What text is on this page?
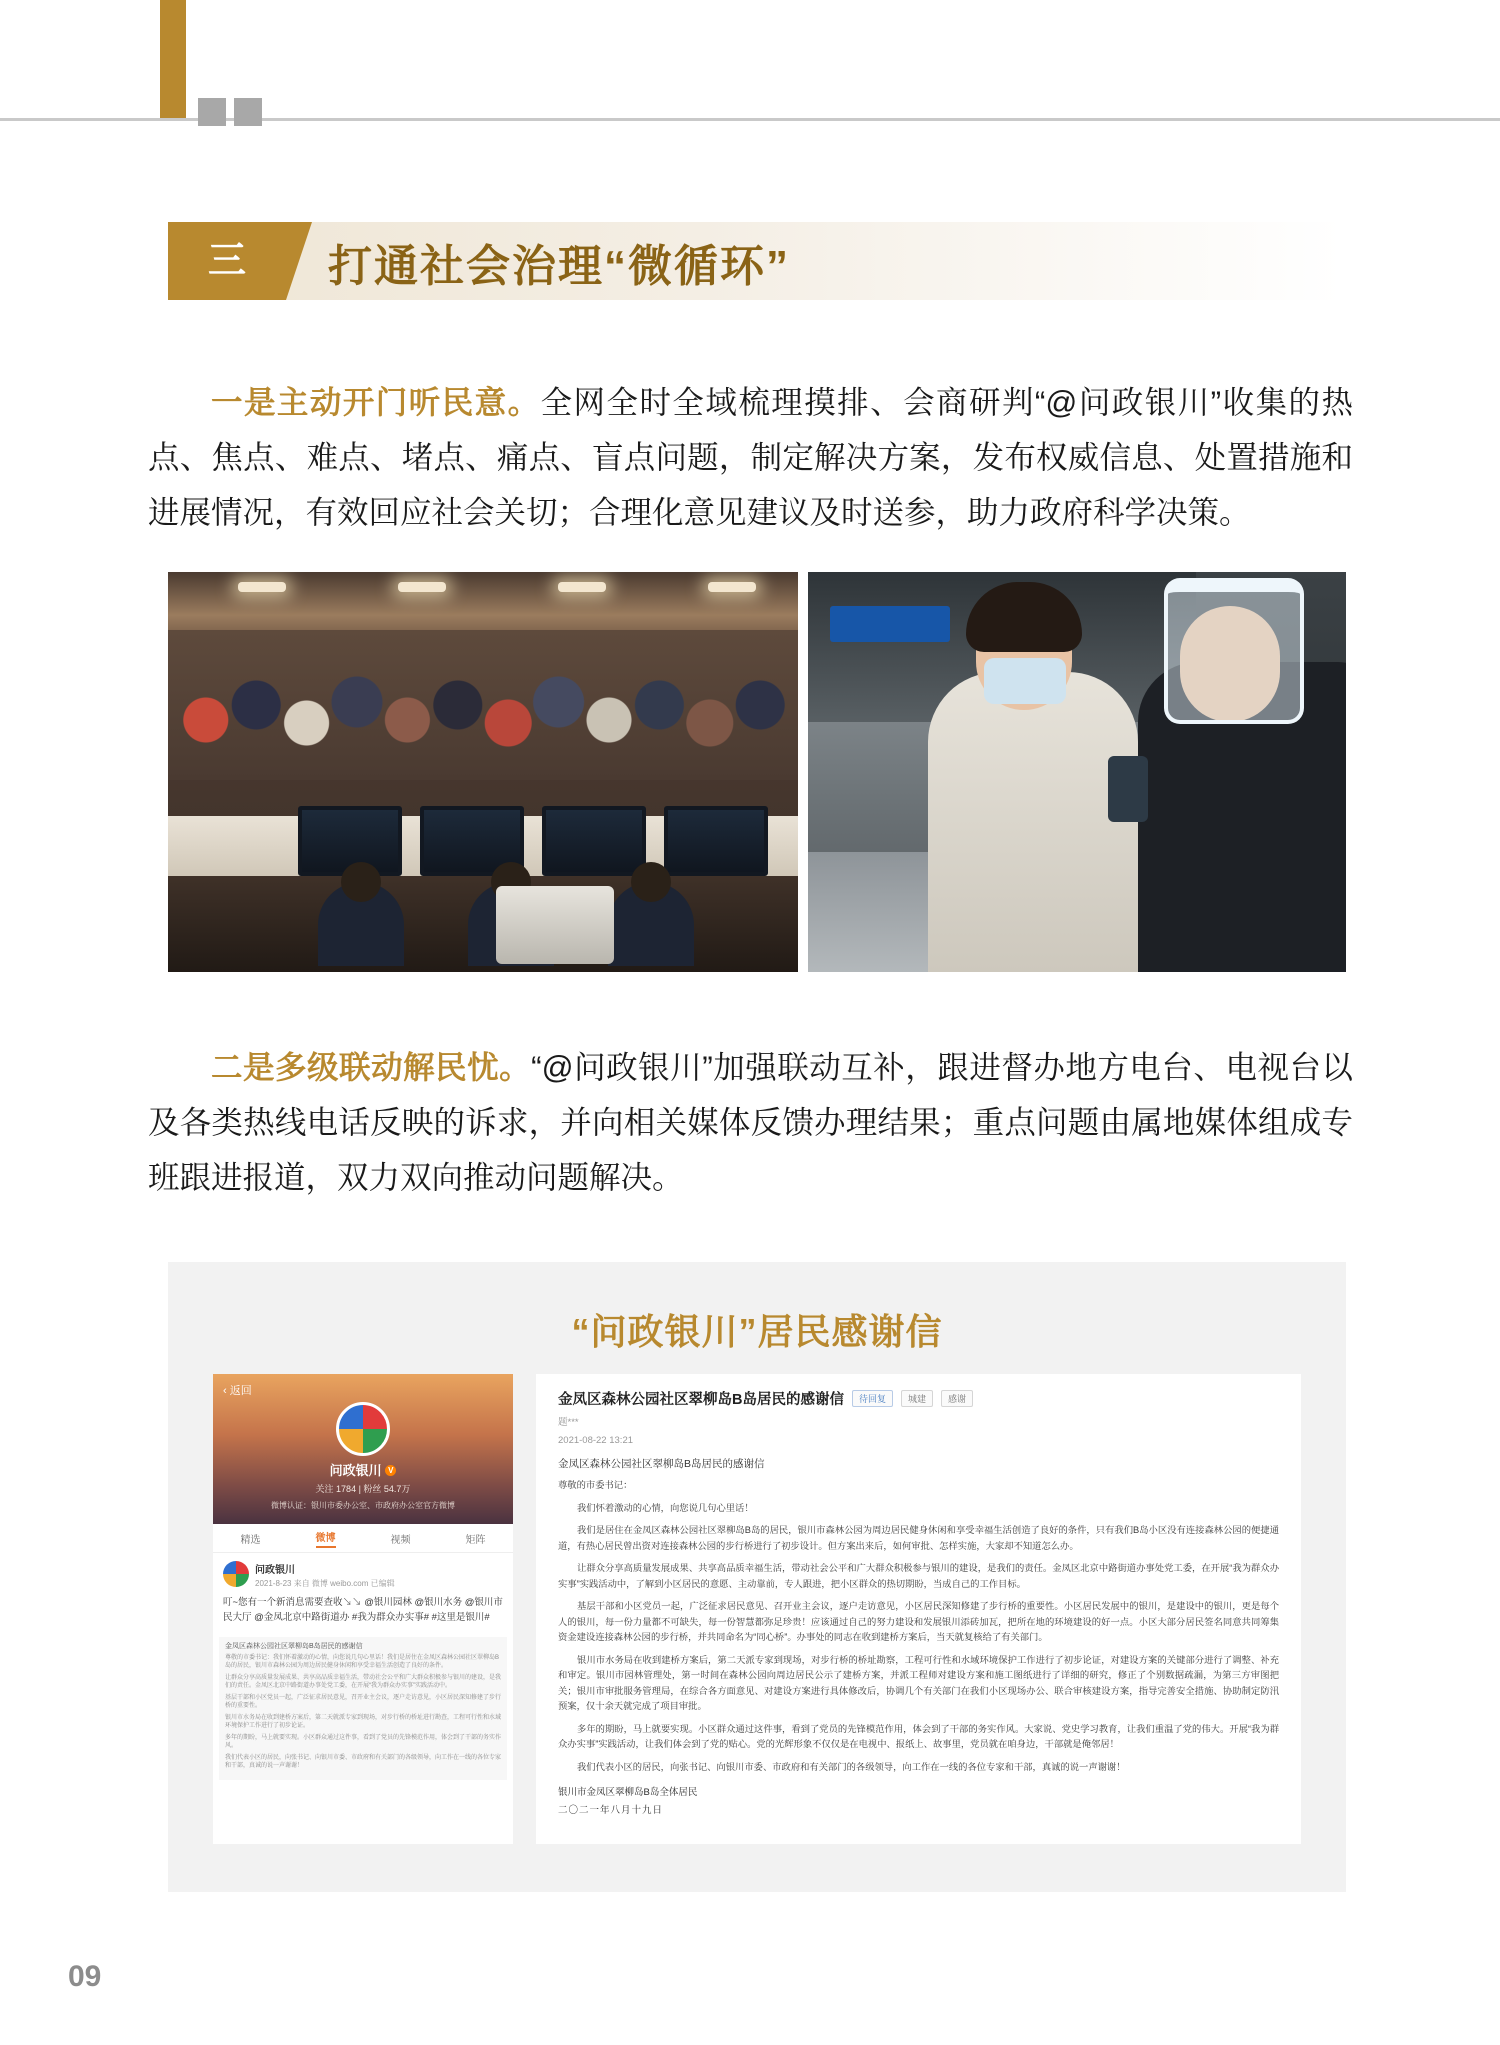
三	打通社会治理“微循环”
一是主动开门听民意。全网全时全域梳理摸排、会商研判“@问政银川”收集的热点、焦点、难点、堵点、痛点、盲点问题，制定解决方案，发布权威信息、处置措施和进展情况，有效回应社会关切；合理化意见建议及时送参，助力政府科学决策。
二是多级联动解民忧。“@问政银川”加强联动互补，跟进督办地方电台、电视台以及各类热线电话反映的诉求，并向相关媒体反馈办理结果；重点问题由属地媒体组成专班跟进报道，双力双向推动问题解决。
“问政银川”居民感谢信
‹ 返回
问政银川 V
关注 1784 | 粉丝 54.7万
微博认证：银川市委办公室、市政府办公室官方微博
精选	微博	视频	矩阵
问政银川
2021-8-23 来自 微博 weibo.com 已编辑
叮~您有一个新消息需要查收↘↘ @银川园林 @银川水务 @银川市民大厅 @金凤北京中路街道办 #我为群众办实事# #这里是银川#
金凤区森林公园社区翠柳岛B岛居民的感谢信

尊敬的市委书记：我们怀着激动的心情，向您说几句心里话！我们是居住在金凤区森林公园社区翠柳岛B岛的居民，银川市森林公园为周边居民健身休闲和享受幸福生活创造了良好的条件。

让群众分享高质量发展成果、共享高品质幸福生活，带动社会公平和广大群众积极参与银川的建设，是我们的责任。金凤区北京中路街道办事处党工委，在开展“我为群众办实事”实践活动中。

基层干部和小区党员一起，广泛征求居民意见，召开业主会议，逐户走访意见，小区居民深知修建了步行桥的重要性。

银川市水务局在收到建桥方案后，第二天就派专家到现场，对步行桥的桥址进行勘查，工程可行性和水域环境保护工作进行了初步论证。

多年的期盼，马上就要实现。小区群众通过这件事，看到了党员的先锋模范作用，体会到了干部的务实作风。

我们代表小区的居民，向张书记、向银川市委、市政府和有关部门的各级领导，向工作在一线的各位专家和干部，真诚的说一声谢谢！

金凤区森林公园社区翠柳岛B岛居民的感谢信	待回复	城建	感谢
题***
2021-08-22 13:21
金凤区森林公园社区翠柳岛B岛居民的感谢信

尊敬的市委书记：

我们怀着激动的心情，向您说几句心里话！

我们是居住在金凤区森林公园社区翠柳岛B岛的居民，银川市森林公园为周边居民健身休闲和享受幸福生活创造了良好的条件，只有我们B岛小区没有连接森林公园的便捷通道，有热心居民曾出资对连接森林公园的步行桥进行了初步设计。但方案出来后，如何审批、怎样实施，大家却不知道怎么办。

让群众分享高质量发展成果、共享高品质幸福生活，带动社会公平和广大群众积极参与银川的建设，是我们的责任。金凤区北京中路街道办事处党工委，在开展“我为群众办实事”实践活动中，了解到小区居民的意愿、主动靠前，专人跟进，把小区群众的热切期盼，当成自己的工作目标。

基层干部和小区党员一起，广泛征求居民意见、召开业主会议，逐户走访意见，小区居民深知修建了步行桥的重要性。小区居民发展中的银川，是建设中的银川，更是每个人的银川，每一份力量都不可缺失，每一份智慧都弥足珍贵！应该通过自己的努力建设和发展银川添砖加瓦，把所在地的环境建设的好一点。小区大部分居民签名同意共同筹集资金建设连接森林公园的步行桥，并共同命名为“同心桥”。办事处的同志在收到建桥方案后，当天就复核给了有关部门。

银川市水务局在收到建桥方案后，第二天派专家到现场，对步行桥的桥址勘察，工程可行性和水域环境保护工作进行了初步论证，对建设方案的关键部分进行了调整、补充和审定。银川市园林管理处，第一时间在森林公园向周边居民公示了建桥方案，并派工程师对建设方案和施工图纸进行了详细的研究，修正了个别数据疏漏，为第三方审图把关；银川市审批服务管理局，在综合各方面意见、对建设方案进行具体修改后，协调几个有关部门在我们小区现场办公、联合审核建设方案，指导完善安全措施、协助制定防汛预案，仅十余天就完成了项目审批。

多年的期盼，马上就要实现。小区群众通过这件事，看到了党员的先锋模范作用，体会到了干部的务实作风。大家说、党史学习教育，让我们重温了党的伟大。开展“我为群众办实事”实践活动，让我们体会到了党的贴心。党的光辉形象不仅仅是在电视中、报纸上、故事里，党员就在咱身边，干部就是俺邻居！

我们代表小区的居民，向张书记、向银川市委、市政府和有关部门的各级领导，向工作在一线的各位专家和干部，真诚的说一声谢谢！

银川市金凤区翠柳岛B岛全体居民
二〇二一年八月十九日
09
